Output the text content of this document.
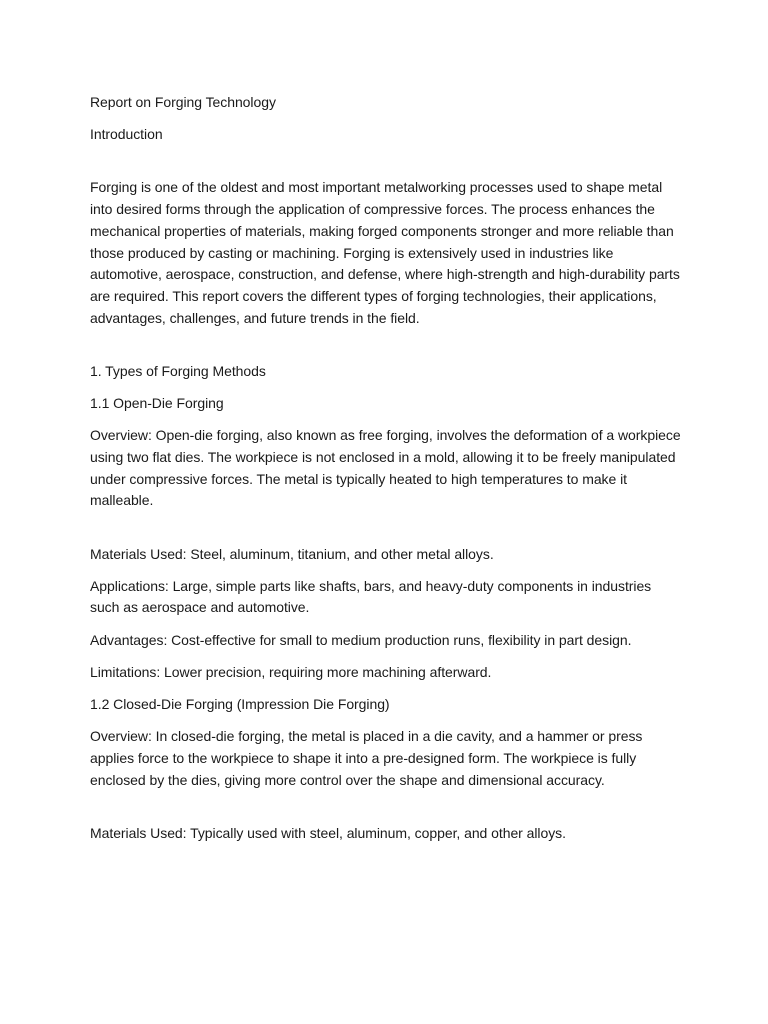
Report on Forging Technology

Introduction

Forging is one of the oldest and most important metalworking processes used to shape metal into desired forms through the application of compressive forces. The process enhances the mechanical properties of materials, making forged components stronger and more reliable than those produced by casting or machining. Forging is extensively used in industries like automotive, aerospace, construction, and defense, where high-strength and high-durability parts are required. This report covers the different types of forging technologies, their applications, advantages, challenges, and future trends in the field.

1. Types of Forging Methods

1.1 Open-Die Forging

Overview: Open-die forging, also known as free forging, involves the deformation of a workpiece using two flat dies. The workpiece is not enclosed in a mold, allowing it to be freely manipulated under compressive forces. The metal is typically heated to high temperatures to make it malleable.

Materials Used: Steel, aluminum, titanium, and other metal alloys.

Applications: Large, simple parts like shafts, bars, and heavy-duty components in industries such as aerospace and automotive.

Advantages: Cost-effective for small to medium production runs, flexibility in part design.

Limitations: Lower precision, requiring more machining afterward.

1.2 Closed-Die Forging (Impression Die Forging)

Overview: In closed-die forging, the metal is placed in a die cavity, and a hammer or press applies force to the workpiece to shape it into a pre-designed form. The workpiece is fully enclosed by the dies, giving more control over the shape and dimensional accuracy.

Materials Used: Typically used with steel, aluminum, copper, and other alloys.
